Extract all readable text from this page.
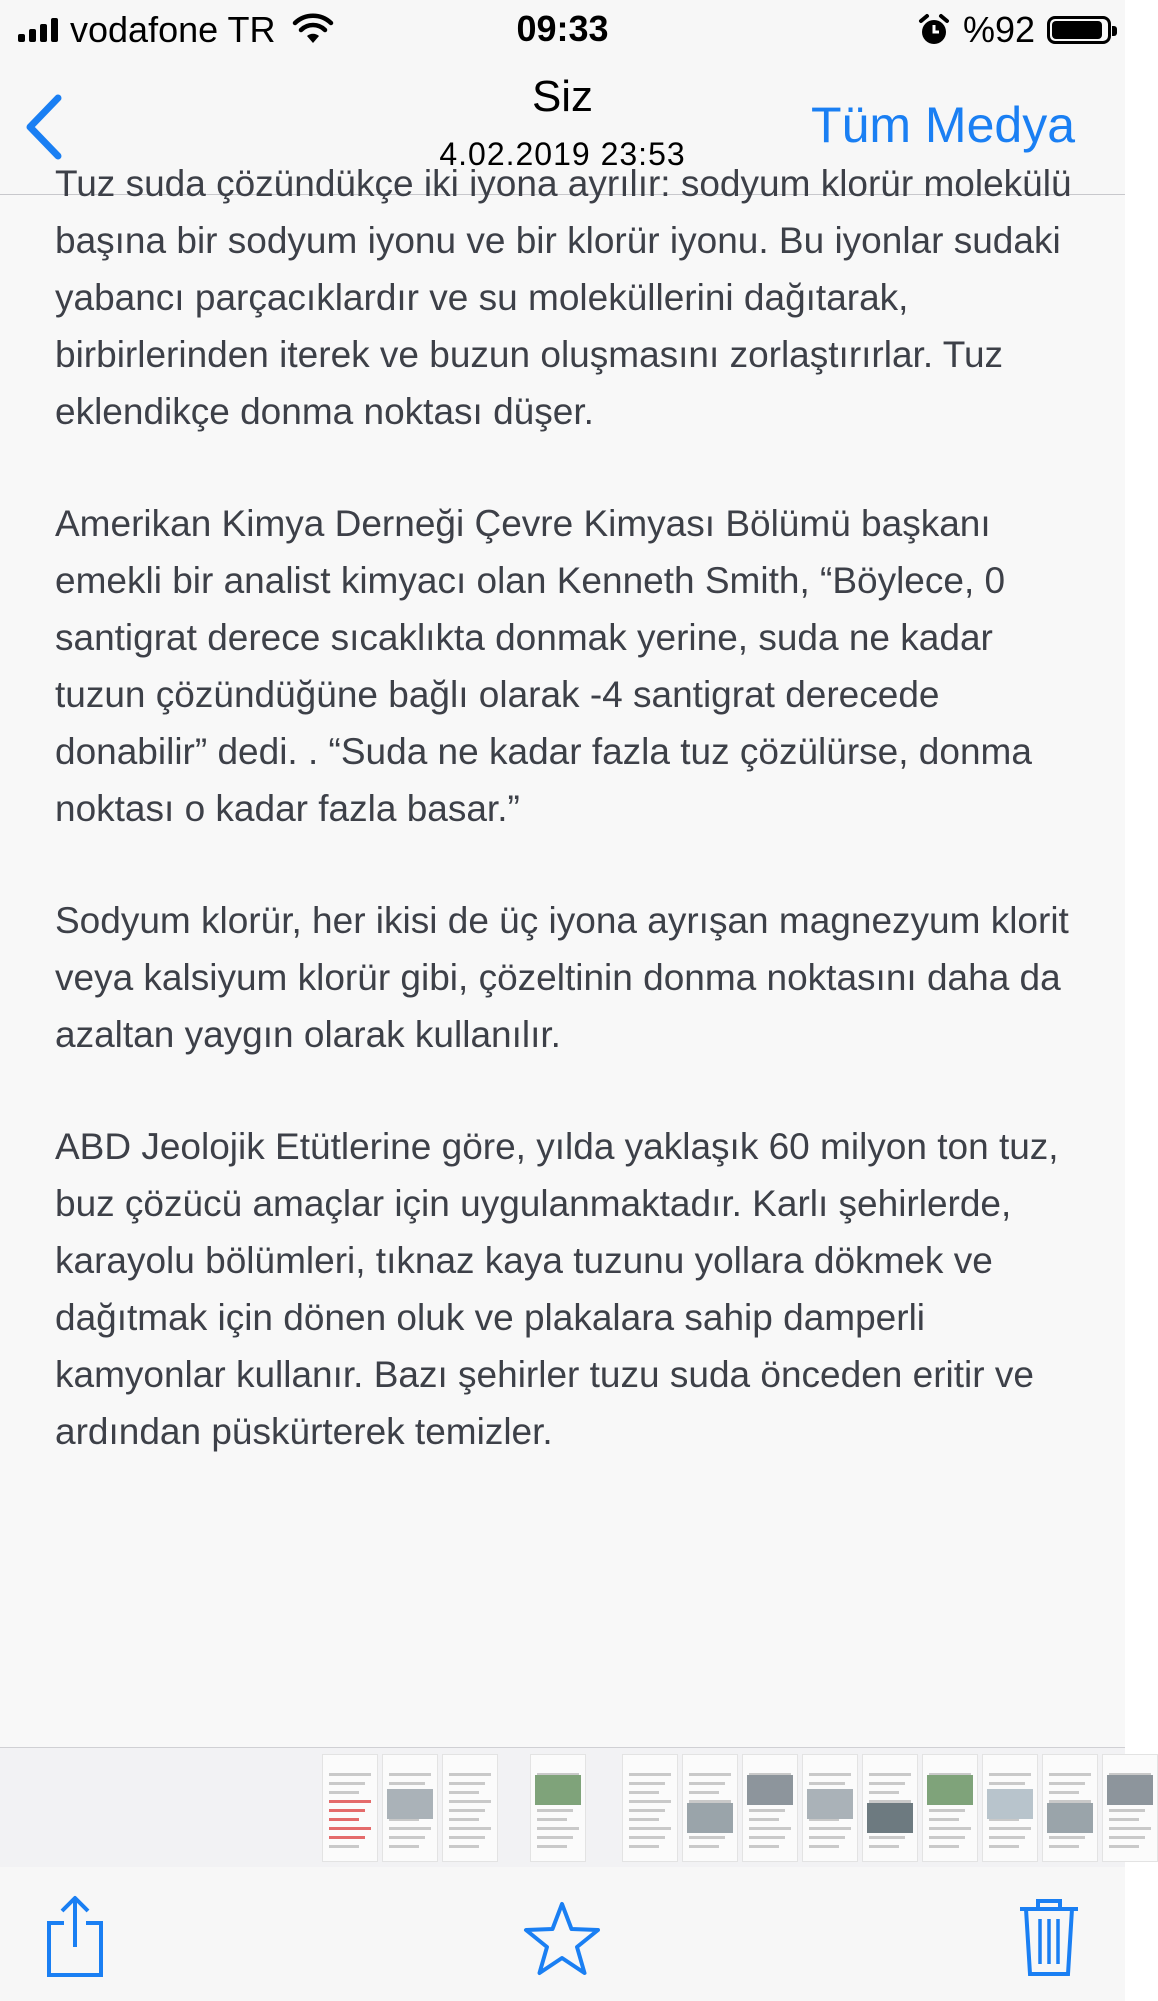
vodafone TR	09:33	%92
Siz
4.02.2019 23:53
Tüm Medya

Tuz suda çözündükçe iki iyona ayrılır: sodyum klorür molekülü başına bir sodyum iyonu ve bir klorür iyonu. Bu iyonlar sudaki yabancı parçacıklardır ve su moleküllerini dağıtarak, birbirlerinden iterek ve buzun oluşmasını zorlaştırırlar. Tuz eklendikçe donma noktası düşer.

Amerikan Kimya Derneği Çevre Kimyası Bölümü başkanı emekli bir analist kimyacı olan Kenneth Smith, “Böylece, 0 santigrat derece sıcaklıkta donmak yerine, suda ne kadar tuzun çözündüğüne bağlı olarak -4 santigrat derecede donabilir” dedi. . “Suda ne kadar fazla tuz çözülürse, donma noktası o kadar fazla basar.”

Sodyum klorür, her ikisi de üç iyona ayrışan magnezyum klorit veya kalsiyum klorür gibi, çözeltinin donma noktasını daha da azaltan yaygın olarak kullanılır.

ABD Jeolojik Etütlerine göre, yılda yaklaşık 60 milyon ton tuz, buz çözücü amaçlar için uygulanmaktadır. Karlı şehirlerde, karayolu bölümleri, tıknaz kaya tuzunu yollara dökmek ve dağıtmak için dönen oluk ve plakalara sahip damperli kamyonlar kullanır. Bazı şehirler tuzu suda önceden eritir ve ardından püskürterek temizler.
